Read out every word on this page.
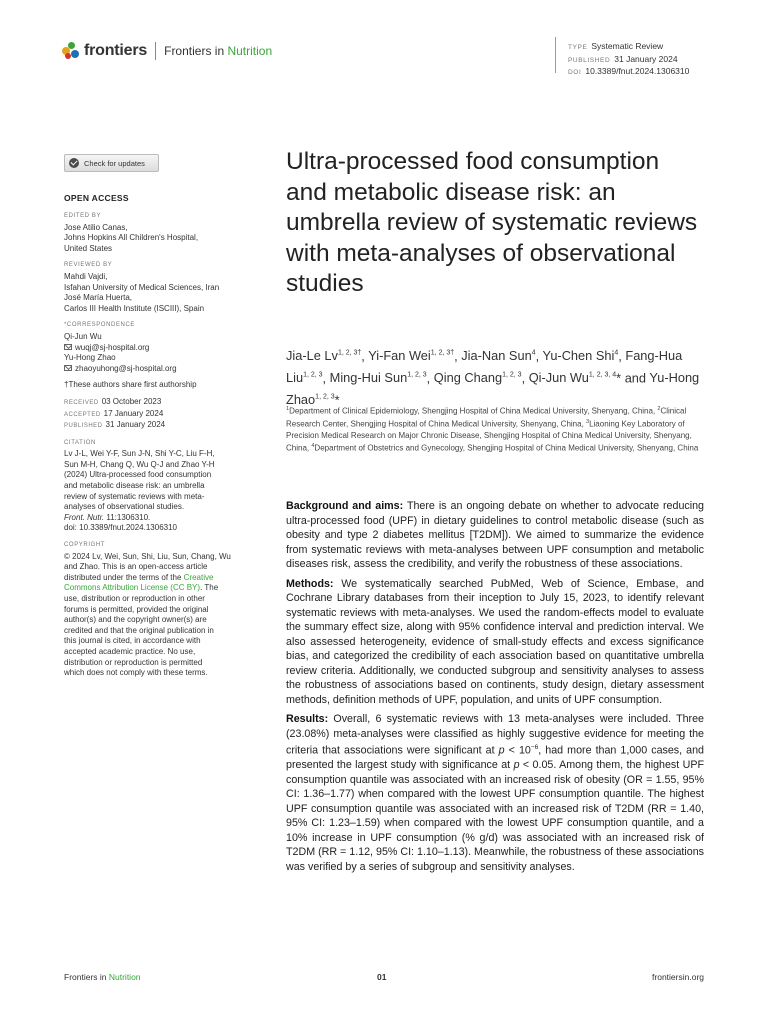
frontiers Frontiers in Nutrition	TYPE Systematic Review
PUBLISHED 31 January 2024
DOI 10.3389/fnut.2024.1306310
Check for updates
OPEN ACCESS
EDITED BY
Jose Atilio Canas,
Johns Hopkins All Children's Hospital,
United States
REVIEWED BY
Mahdi Vajdi,
Isfahan University of Medical Sciences, Iran
José María Huerta,
Carlos III Health Institute (ISCIII), Spain
*CORRESPONDENCE
Qi-Jun Wu
wuqj@sj-hospital.org
Yu-Hong Zhao
zhaoyuhong@sj-hospital.org
†These authors share first authorship
RECEIVED 03 October 2023
ACCEPTED 17 January 2024
PUBLISHED 31 January 2024
CITATION
Lv J-L, Wei Y-F, Sun J-N, Shi Y-C, Liu F-H,
Sun M-H, Chang Q, Wu Q-J and Zhao Y-H
(2024) Ultra-processed food consumption
and metabolic disease risk: an umbrella
review of systematic reviews with meta-
analyses of observational studies.
Front. Nutr. 11:1306310.
doi: 10.3389/fnut.2024.1306310
COPYRIGHT
© 2024 Lv, Wei, Sun, Shi, Liu, Sun, Chang, Wu
and Zhao. This is an open-access article
distributed under the terms of the Creative
Commons Attribution License (CC BY). The
use, distribution or reproduction in other
forums is permitted, provided the original
author(s) and the copyright owner(s) are
credited and that the original publication in
this journal is cited, in accordance with
accepted academic practice. No use,
distribution or reproduction is permitted
which does not comply with these terms.
Ultra-processed food consumption and metabolic disease risk: an umbrella review of systematic reviews with meta-analyses of observational studies
Jia-Le $Lv^{1, 2, 3\dagger}$, Yi-Fan Wei$^{1, 2, 3\dagger}$, Jia-Nan Sun$^4$, Yu-Chen Shi$^4$, Fang-Hua Liu$^{1, 2, 3}$, Ming-Hui Sun$^{1, 2, 3}$, Qing Chang$^{1, 2, 3}$, Qi-Jun Wu$^{1, 2, 3, 4}$* and Yu-Hong Zhao$^{1, 2, 3}$*
$^1$Department of Clinical Epidemiology, Shengjing Hospital of China Medical University, Shenyang, China, $^2$Clinical Research Center, Shengjing Hospital of China Medical University, Shenyang, China, $^3$Liaoning Key Laboratory of Precision Medical Research on Major Chronic Disease, Shengjing Hospital of China Medical University, Shenyang, China, $^4$Department of Obstetrics and Gynecology, Shengjing Hospital of China Medical University, Shenyang, China

Background and aims: There is an ongoing debate on whether to advocate reducing ultra-processed food (UPF) in dietary guidelines to control metabolic disease (such as obesity and type 2 diabetes mellitus [T2DM]). We aimed to summarize the evidence from systematic reviews with meta-analyses between UPF consumption and metabolic diseases risk, assess the credibility, and verify the robustness of these associations.

Methods: We systematically searched PubMed, Web of Science, Embase, and Cochrane Library databases from their inception to July 15, 2023, to identify relevant systematic reviews with meta-analyses. We used the random-effects model to evaluate the summary effect size, along with 95% confidence interval and prediction interval. We also assessed heterogeneity, evidence of small-study effects and excess significance bias, and categorized the credibility of each association based on quantitative umbrella review criteria. Additionally, we conducted subgroup and sensitivity analyses to assess the robustness of associations based on continents, study design, dietary assessment methods, definition methods of UPF, population, and units of UPF consumption.

Results: Overall, 6 systematic reviews with 13 meta-analyses were included. Three (23.08%) meta-analyses were classified as highly suggestive evidence for meeting the criteria that associations were significant at $p < 10^{-6}$, had more than 1,000 cases, and presented the largest study with significance at p < 0.05. Among them, the highest UPF consumption quantile was associated with an increased risk of obesity (OR = 1.55, 95% CI: 1.36–1.77) when compared with the lowest UPF consumption quantile. The highest UPF consumption quantile was associated with an increased risk of T2DM (RR = 1.40, 95% CI: 1.23–1.59) when compared with the lowest UPF consumption quantile, and a 10% increase in UPF consumption (% g/d) was associated with an increased risk of T2DM (RR = 1.12, 95% CI: 1.10–1.13). Meanwhile, the robustness of these associations was verified by a series of subgroup and sensitivity analyses.

Frontiers in Nutrition	01	frontiersin.org
